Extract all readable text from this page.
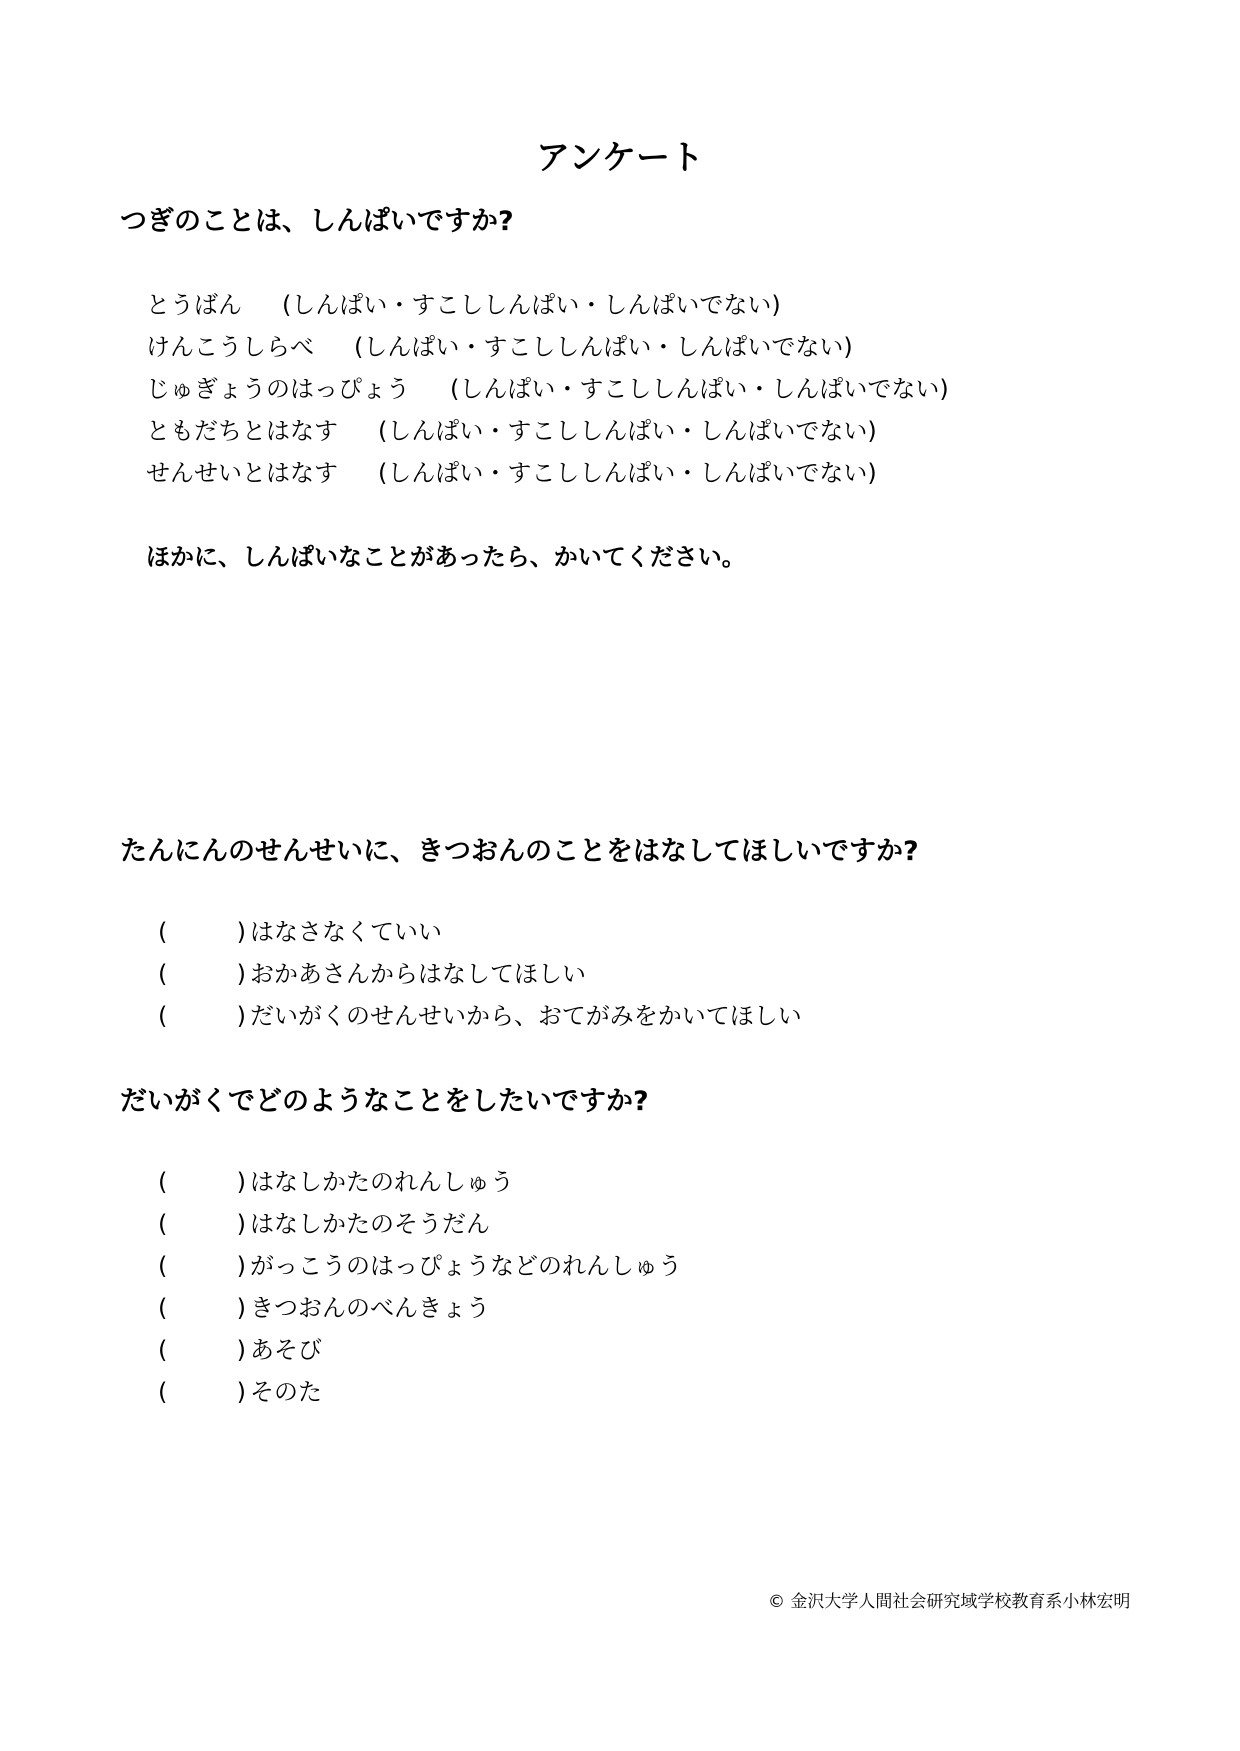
アンケート
つぎのことは、しんぱいですか?
とうばん (しんぱい・すこししんぱい・しんぱいでない)
けんこうしらべ (しんぱい・すこししんぱい・しんぱいでない)
じゅぎょうのはっぴょう (しんぱい・すこししんぱい・しんぱいでない)
ともだちとはなす (しんぱい・すこししんぱい・しんぱいでない)
せんせいとはなす (しんぱい・すこししんぱい・しんぱいでない)
ほかに、しんぱいなことがあったら、かいてください。
たんにんのせんせいに、きつおんのことをはなしてほしいですか?
(	) はなさなくていい
(	) おかあさんからはなしてほしい
(	) だいがくのせんせいから、おてがみをかいてほしい
だいがくでどのようなことをしたいですか?
(	) はなしかたのれんしゅう
(	) はなしかたのそうだん
(	) がっこうのはっぴょうなどのれんしゅう
(	) きつおんのべんきょう
(	) あそび
(	) そのた
© 金沢大学人間社会研究域学校教育系小林宏明
